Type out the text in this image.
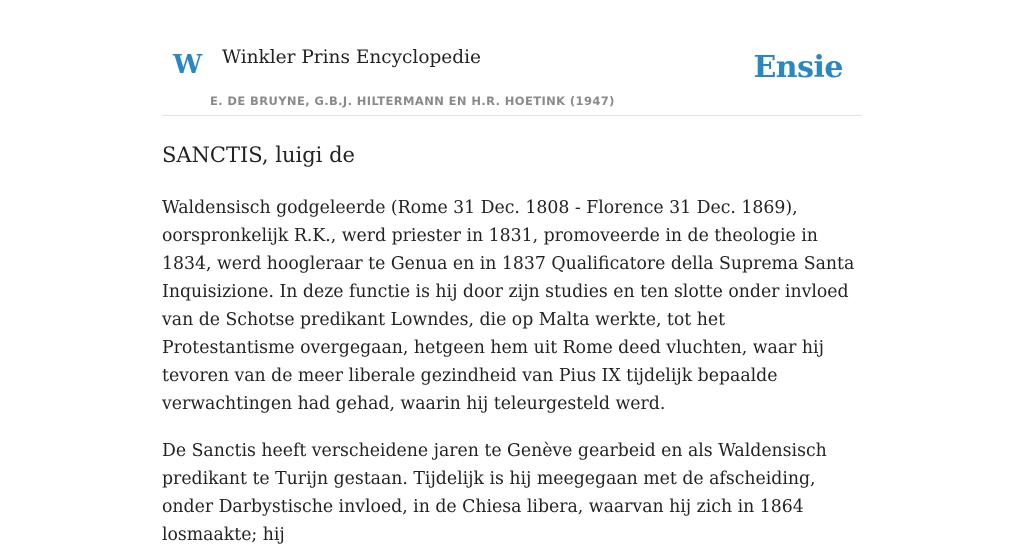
W Winkler Prins Encyclopedie	Ensie
E. DE BRUYNE, G.B.J. HILTERMANN EN H.R. HOETINK (1947)
SANCTIS, luigi de

Waldensisch godgeleerde (Rome 31 Dec. 1808 - Florence 31 Dec. 1869), oorspronkelijk R.K., werd priester in 1831, promoveerde in de theologie in 1834, werd hoogleraar te Genua en in 1837 Qualificatore della Suprema Santa Inquisizione. In deze functie is hij door zijn studies en ten slotte onder invloed van de Schotse predikant Lowndes, die op Malta werkte, tot het Protestantisme overgegaan, hetgeen hem uit Rome deed vluchten, waar hij tevoren van de meer liberale gezindheid van Pius IX tijdelijk bepaalde verwachtingen had gehad, waarin hij teleurgesteld werd.

De Sanctis heeft verscheidene jaren te Genève gearbeid en als Waldensisch predikant te Turijn gestaan. Tijdelijk is hij meegegaan met de afscheiding, onder Darbystische invloed, in de Chiesa libera, waarvan hij zich in 1864 losmaakte; hij
